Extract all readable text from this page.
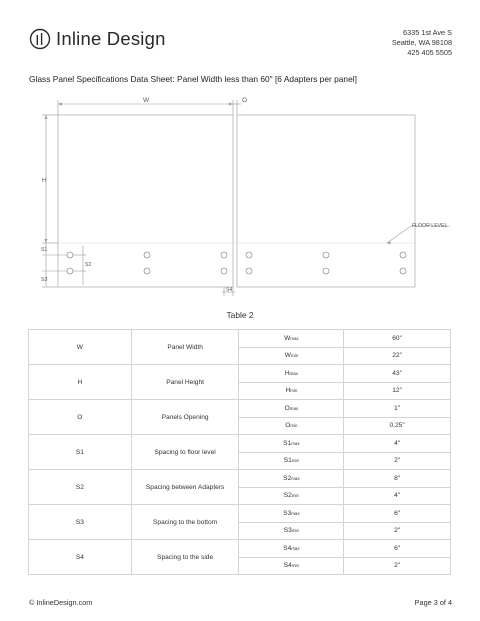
Inline Design	6335 1st Ave S
Seattle, WA 98108
425 405 5505
Glass Panel Specifications Data Sheet: Panel Width less than 60" [6 Adapters per panel]
W	O
H
S1
S2
S3
S4
FLOOR LEVEL
Table 2
W	Panel Width	Wmax	60"
		Wmin	22"
H	Panel Height	Hmax	43"
		Hmin	12"
O	Panels Opening	Omax	1"
		Omin	0.25"
S1	Spacing to floor level	S1max	4"
		S1min	2"
S2	Spacing between Adapters	S2max	8"
		S2min	4"
S3	Spacing to the bottom	S3max	6"
		S3min	2"
S4	Spacing to the side	S4max	6"
		S4min	2"
© InlineDesign.com	Page 3 of 4
